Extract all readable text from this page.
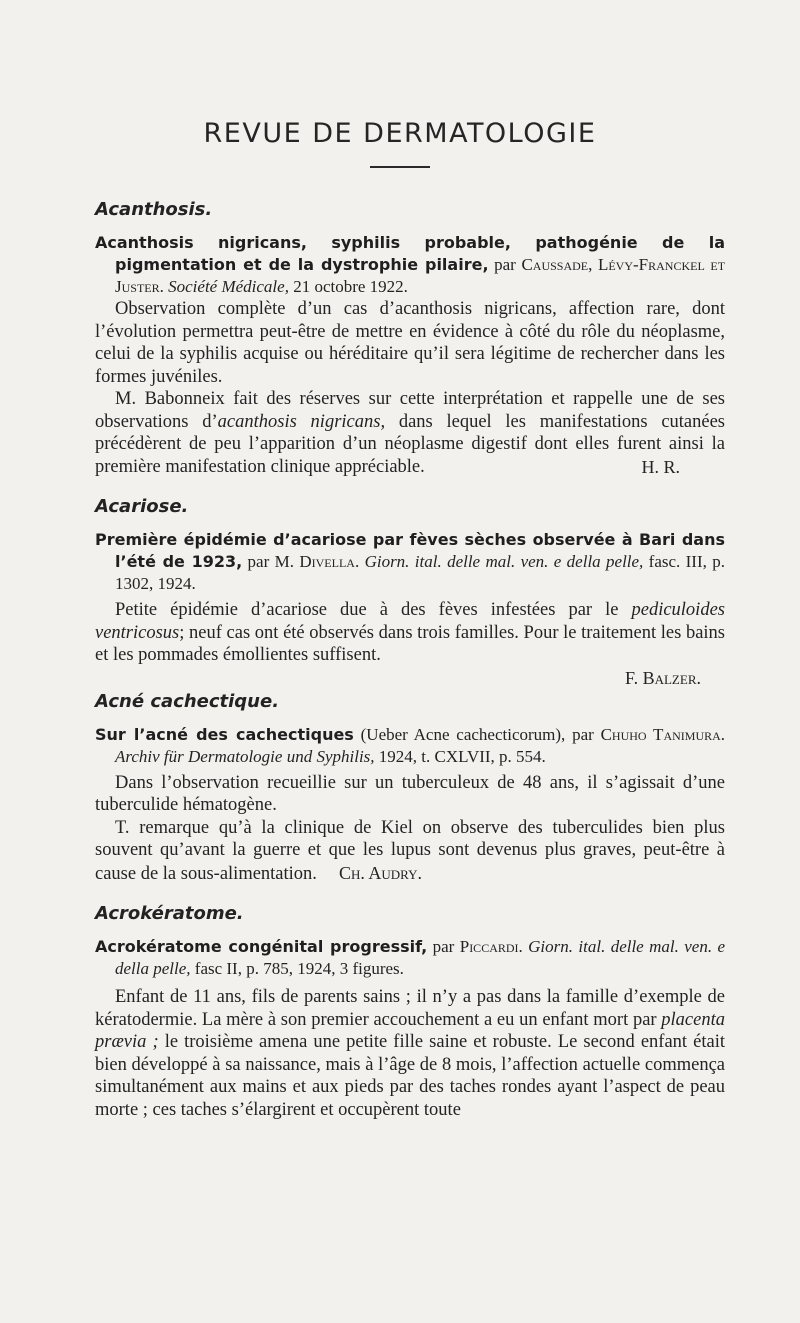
REVUE DE DERMATOLOGIE
Acanthosis.

Acanthosis nigricans, syphilis probable, pathogénie de la pigmentation et de la dystrophie pilaire, par Caussade, Lévy-Franckel et Juster. Société Médicale, 21 octobre 1922.

Observation complète d’un cas d’acanthosis nigricans, affection rare, dont l’évolution permettra peut-être de mettre en évidence à côté du rôle du néoplasme, celui de la syphilis acquise ou héréditaire qu’il sera légitime de rechercher dans les formes juvéniles.

M. Babonneix fait des réserves sur cette interprétation et rappelle une de ses observations d’acanthosis nigricans, dans lequel les manifestations cutanées précédèrent de peu l’apparition d’un néoplasme digestif dont elles furent ainsi la première manifestation clinique appréciable.	H. R.

Acariose.

Première épidémie d’acariose par fèves sèches observée à Bari dans l’été de 1923, par M. Divella. Giorn. ital. delle mal. ven. e della pelle, fasc. III, p. 1302, 1924.

Petite épidémie d’acariose due à des fèves infestées par le pediculoides ventricosus; neuf cas ont été observés dans trois familles. Pour le traitement les bains et les pommades émollientes suffisent.

F. Balzer.

Acné cachectique.

Sur l’acné des cachectiques (Ueber Acne cachecticorum), par Chuho Tanimura. Archiv für Dermatologie und Syphilis, 1924, t. CXLVII, p. 554.

Dans l’observation recueillie sur un tuberculeux de 48 ans, il s’agissait d’une tuberculide hématogène.

T. remarque qu’à la clinique de Kiel on observe des tuberculides bien plus souvent qu’avant la guerre et que les lupus sont devenus plus graves, peut-être à cause de la sous-alimentation. Ch. Audry.

Acrokératome.

Acrokératome congénital progressif, par Piccardi. Giorn. ital. delle mal. ven. e della pelle, fasc II, p. 785, 1924, 3 figures.

Enfant de 11 ans, fils de parents sains ; il n’y a pas dans la famille d’exemple de kératodermie. La mère à son premier accouchement a eu un enfant mort par placenta prævia ; le troisième amena une petite fille saine et robuste. Le second enfant était bien développé à sa naissance, mais à l’âge de 8 mois, l’affection actuelle commença simultanément aux mains et aux pieds par des taches rondes ayant l’aspect de peau morte ; ces taches s’élargirent et occupèrent toute
